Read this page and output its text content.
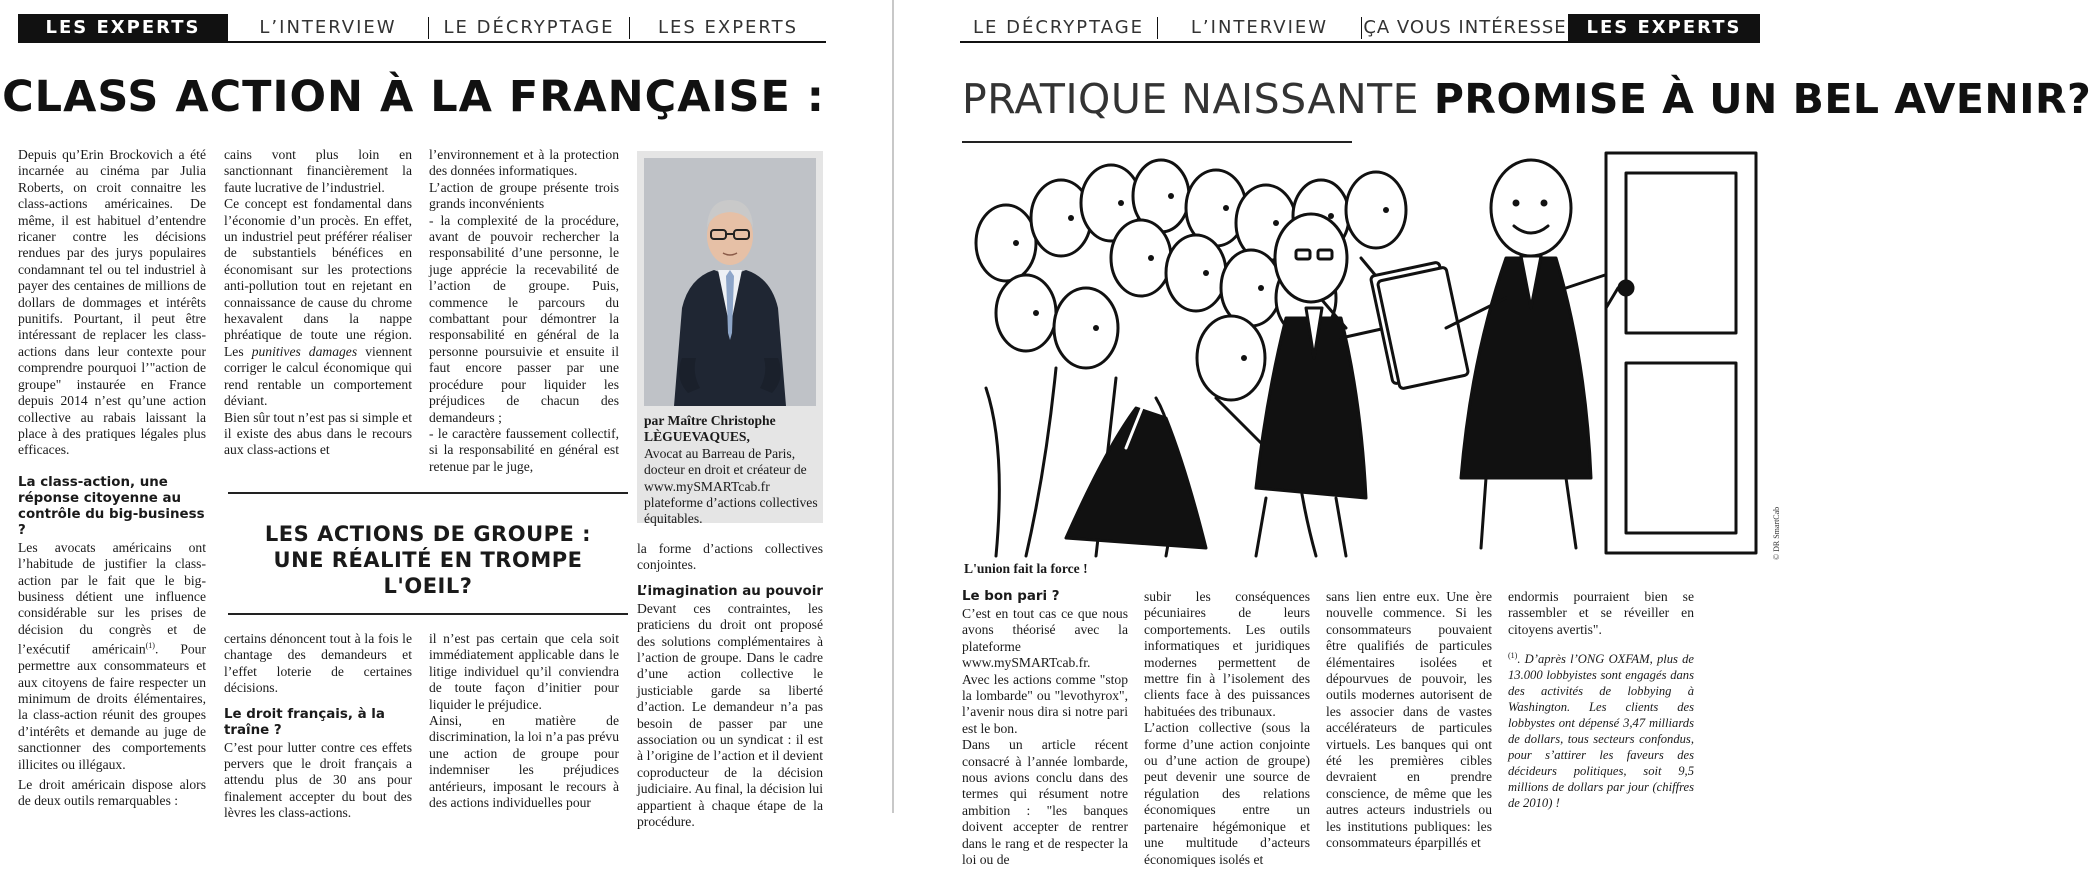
LES EXPERTS	L’INTERVIEW	LE DÉCRYPTAGE	LES EXPERTS
CLASS ACTION À LA FRANÇAISE :

Depuis qu’Erin Brockovich a été incarnée au cinéma par Julia Roberts, on croit connaitre les class-actions américaines. De même, il est habituel d’entendre ricaner contre les décisions rendues par des jurys populaires condamnant tel ou tel industriel à payer des centaines de millions de dollars de dommages et intérêts punitifs. Pourtant, il peut être intéressant de replacer les class-actions dans leur contexte pour comprendre pourquoi l’"action de groupe" instaurée en France depuis 2014 n’est qu’une action collective au rabais laissant la place à des pratiques légales plus efficaces.

La class-action, une réponse citoyenne au contrôle du big-business ?

Les avocats américains ont l’habitude de justifier la class-action par le fait que le big-business détient une influence considérable sur les prises de décision du congrès et de l’exécutif américain$^{(1)}$. Pour permettre aux consommateurs et aux citoyens de faire respecter un minimum de droits élémentaires, la class-action réunit des groupes d’intérêts et demande au juge de sanctionner des comportements illicites ou illégaux.

Le droit américain dispose alors de deux outils remarquables :

cains vont plus loin en sanctionnant financièrement la faute lucrative de l’industriel.

Ce concept est fondamental dans l’économie d’un procès. En effet, un industriel peut préférer réaliser de substantiels bénéfices en économisant sur les protections anti-pollution tout en rejetant en connaissance de cause du chrome hexavalent dans la nappe phréatique de toute une région. Les punitives damages viennent corriger le calcul économique qui rend rentable un comportement déviant.

Bien sûr tout n’est pas si simple et il existe des abus dans le recours aux class-actions et

l’environnement et à la protection des données informatiques.

L’action de groupe présente trois grands inconvénients

- la complexité de la procédure, avant de pouvoir rechercher la responsabilité d’une personne, le juge apprécie la recevabilité de l’action de groupe. Puis, commence le parcours du combattant pour démontrer la responsabilité en général de la personne poursuivie et ensuite il faut encore passer par une procédure pour liquider les préjudices de chacun des demandeurs ;

- le caractère faussement collectif, si la responsabilité en général est retenue par le juge,

par Maître Christophe LÈGUEVAQUES,
Avocat au Barreau de Paris, docteur en droit et créateur de www.mySMARTcab.fr plateforme d’actions collectives équitables.
LES ACTIONS DE GROUPE :
UNE RÉALITÉ EN TROMPE L'OEIL?

certains dénoncent tout à la fois le chantage des demandeurs et l’effet loterie de certaines décisions.

Le droit français, à la traîne ?

C’est pour lutter contre ces effets pervers que le droit français a attendu plus de 30 ans pour finalement accepter du bout des lèvres les class-actions.

il n’est pas certain que cela soit immédiatement applicable dans le litige individuel qu’il conviendra de toute façon d’initier pour liquider le préjudice.

Ainsi, en matière de discrimination, la loi n’a pas prévu une action de groupe pour indemniser les préjudices antérieurs, imposant le recours à des actions individuelles pour

la forme d’actions collectives conjointes.

L’imagination au pouvoir

Devant ces contraintes, les praticiens du droit ont proposé des solutions complémentaires à l’action de groupe. Dans le cadre d’une action collective le justiciable garde sa liberté d’action. Le demandeur n’a pas besoin de passer par une association ou un syndicat : il est à l’origine de l’action et il devient coproducteur de la décision judiciaire. Au final, la décision lui appartient à chaque étape de la procédure.

LE DÉCRYPTAGE	L’INTERVIEW	ÇA VOUS INTÉRESSE	LES EXPERTS
PRATIQUE NAISSANTE PROMISE À UN BEL AVENIR?
© DR SmartCab
L'union fait la force !
Le bon pari ?

C’est en tout cas ce que nous avons théorisé avec la plateforme www.mySMARTcab.fr.

Avec les actions comme "stop la lombarde" ou "levothyrox", l’avenir nous dira si notre pari est le bon.

Dans un article récent consacré à l’année lombarde, nous avions conclu dans des termes qui résument notre ambition : "les banques doivent accepter de rentrer dans le rang et de respecter la loi ou de

subir les conséquences pécuniaires de leurs comportements. Les outils informatiques et juridiques modernes permettent de mettre fin à l’isolement des clients face à des puissances habituées des tribunaux.

L’action collective (sous la forme d’une action conjointe ou d’une action de groupe) peut devenir une source de régulation des relations économiques entre un partenaire hégémonique et une multitude d’acteurs économiques isolés et

sans lien entre eux. Une ère nouvelle commence. Si les consommateurs pouvaient être qualifiés de particules élémentaires isolées et dépourvues de pouvoir, les outils modernes autorisent de les associer dans de vastes accélérateurs de particules virtuels. Les banques qui ont été les premières cibles devraient en prendre conscience, de même que les autres acteurs industriels ou les institutions publiques: les consommateurs éparpillés et

endormis pourraient bien se rassembler et se réveiller en citoyens avertis".

$^{(1)}$. D’après l’ONG OXFAM, plus de 13.000 lobbyistes sont engagés dans des activités de lobbying à Washington. Les clients des lobbystes ont dépensé 3,47 milliards de dollars, tous secteurs confondus, pour s’attirer les faveurs des décideurs politiques, soit 9,5 millions de dollars par jour (chiffres de 2010) !
